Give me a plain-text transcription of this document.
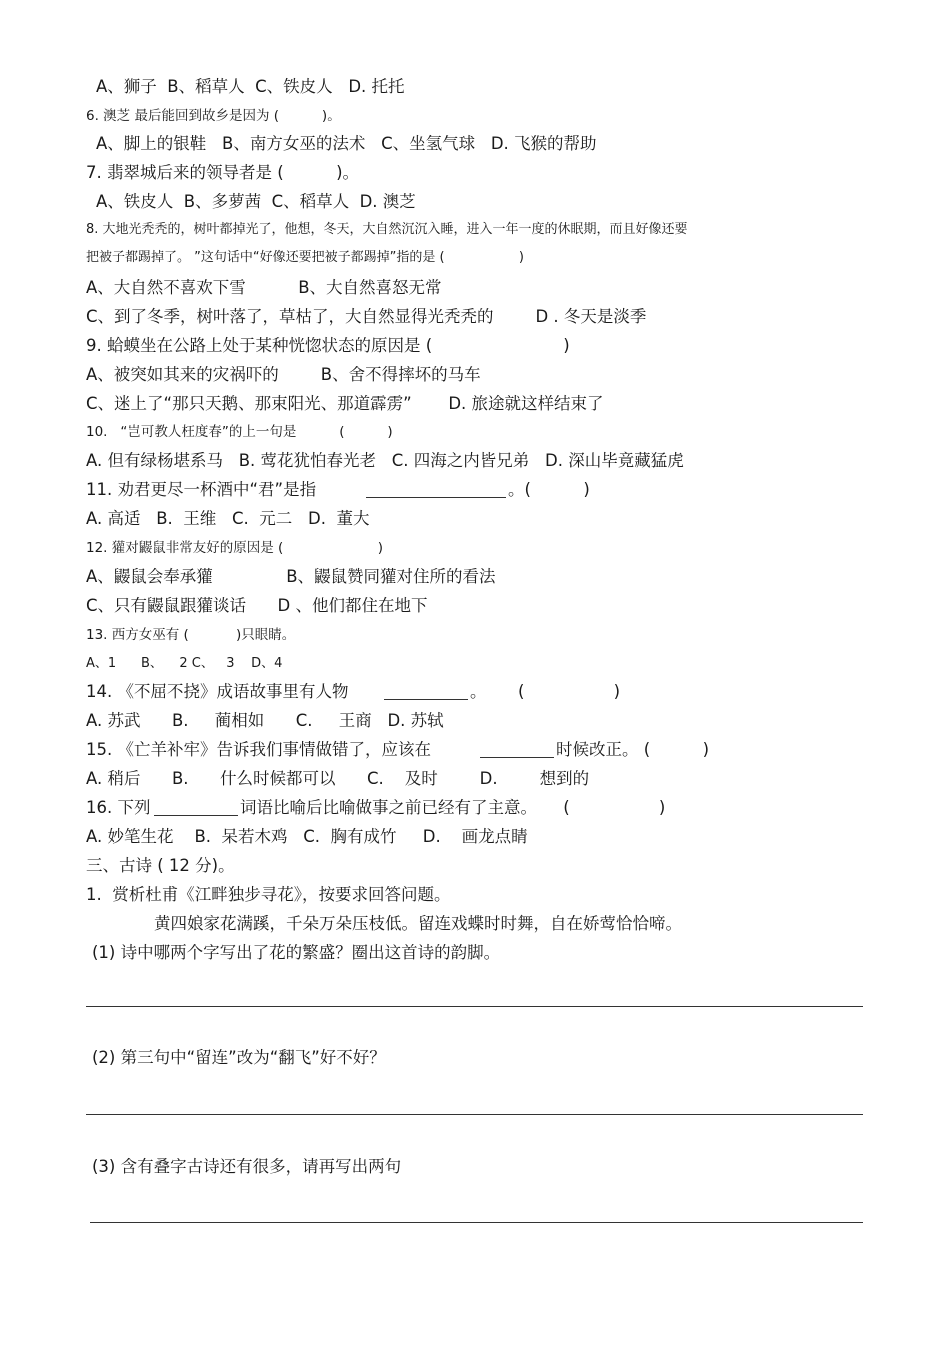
A、狮子  B、稻草人  C、铁皮人   D. 托托
6. 澳芝 最后能回到故乡是因为 (          )。
A、脚上的银鞋   B、南方女巫的法术   C、坐氢气球   D. 飞猴的帮助
7. 翡翠城后来的领导者是 (          )。
A、铁皮人  B、多萝茜  C、稻草人  D. 澳芝
8. 大地光秃秃的，树叶都掉光了，他想，冬天，大自然沉沉入睡，进入一年一度的休眠期，而且好像还要
把被子都踢掉了。 ”这句话中“好像还要把被子都踢掉”指的是 (                  )
A、大自然不喜欢下雪          B、大自然喜怒无常
C、到了冬季，树叶落了，草枯了，大自然显得光秃秃的        D . 冬天是淡季
9. 蛤蟆坐在公路上处于某种恍惚状态的原因是 (                         )
A、被突如其来的灾祸吓的        B、舍不得摔坏的马车
C、迷上了“那只天鹅、那束阳光、那道霹雳”       D. 旅途就这样结束了
10.   “岂可教人枉度春”的上一句是          (          )
A. 但有绿杨堪系马   B. 莺花犹怕春光老   C. 四海之内皆兄弟   D. 深山毕竟藏猛虎
11. 劝君更尽一杯酒中“君”是指	。(          )
A. 高适   B.  王维   C.  元二   D.  董大
12. 獾对鼹鼠非常友好的原因是 (                      )
A、鼹鼠会奉承獾              B、鼹鼠赞同獾对住所的看法
C、只有鼹鼠跟獾谈话      D 、他们都住在地下
13. 西方女巫有 (           )只眼睛。
A、1      B、    2 C、   3    D、4
14. 《不屈不挠》成语故事里有人物	。      (                 )
A. 苏武      B.     蔺相如      C.     王商   D. 苏轼
15. 《亡羊补牢》告诉我们事情做错了，应该在	时候改正。 (          )
A. 稍后      B.      什么时候都可以      C.    及时        D.        想到的
16. 下列	词语比喻后比喻做事之前已经有了主意。     (                 )
A. 妙笔生花    B.  呆若木鸡   C.  胸有成竹     D.    画龙点睛
三、古诗 ( 12 分)。
1.  赏析杜甫《江畔独步寻花》，按要求回答问题。
黄四娘家花满蹊，千朵万朵压枝低。留连戏蝶时时舞，自在娇莺恰恰啼。
(1) 诗中哪两个字写出了花的繁盛？圈出这首诗的韵脚。
(2) 第三句中“留连”改为“翻飞”好不好？
(3) 含有叠字古诗还有很多，请再写出两句
